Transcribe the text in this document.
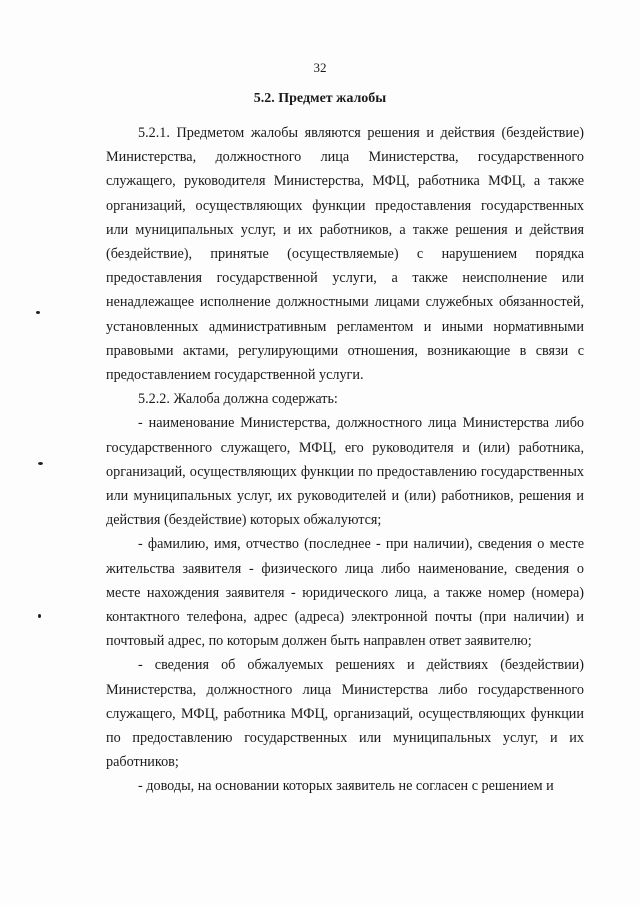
32
5.2. Предмет жалобы

5.2.1. Предметом жалобы являются решения и действия (бездействие) Министерства, должностного лица Министерства, государственного служащего, руководителя Министерства, МФЦ, работника МФЦ, а также организаций, осуществляющих функции предоставления государственных или муниципальных услуг, и их работников, а также решения и действия (бездействие), принятые (осуществляемые) с нарушением порядка предоставления государственной услуги, а также неисполнение или ненадлежащее исполнение должностными лицами служебных обязанностей, установленных административным регламентом и иными нормативными правовыми актами, регулирующими отношения, возникающие в связи с предоставлением государственной услуги.

5.2.2. Жалоба должна содержать:

- наименование Министерства, должностного лица Министерства либо государственного служащего, МФЦ, его руководителя и (или) работника, организаций, осуществляющих функции по предоставлению государственных или муниципальных услуг, их руководителей и (или) работников, решения и действия (бездействие) которых обжалуются;

- фамилию, имя, отчество (последнее - при наличии), сведения о месте жительства заявителя - физического лица либо наименование, сведения о месте нахождения заявителя - юридического лица, а также номер (номера) контактного телефона, адрес (адреса) электронной почты (при наличии) и почтовый адрес, по которым должен быть направлен ответ заявителю;

- сведения об обжалуемых решениях и действиях (бездействии) Министерства, должностного лица Министерства либо государственного служащего, МФЦ, работника МФЦ, организаций, осуществляющих функции по предоставлению государственных или муниципальных услуг, и их работников;

- доводы, на основании которых заявитель не согласен с решением и
